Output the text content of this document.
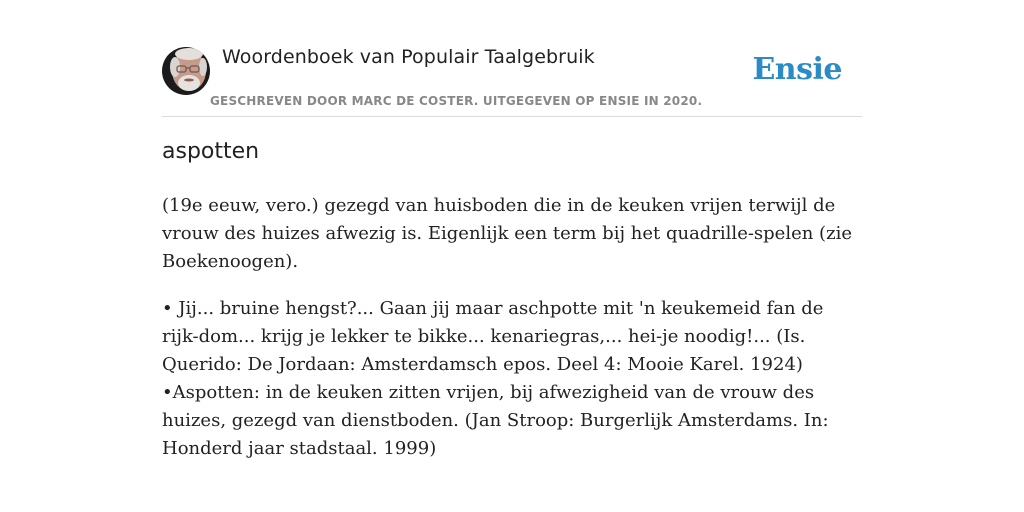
Woordenboek van Populair Taalgebruik
GESCHREVEN DOOR MARC DE COSTER. UITGEGEVEN OP ENSIE IN 2020.
Ensie
aspotten

(19e eeuw, vero.) gezegd van huisboden die in de keuken vrijen terwijl de vrouw des huizes afwezig is. Eigenlijk een term bij het quadrille-spelen (zie Boekenoogen).

• Jij... bruine hengst?... Gaan jij maar aschpotte mit 'n keukemeid fan de rijk-dom... krijg je lekker te bikke... kenariegras,... hei-je noodig!... (Is. Querido: De Jordaan: Amsterdamsch epos. Deel 4: Mooie Karel. 1924)
•Aspotten: in de keuken zitten vrijen, bij afwezigheid van de vrouw des huizes, gezegd van dienstboden. (Jan Stroop: Burgerlijk Amsterdams. In: Honderd jaar stadstaal. 1999)
